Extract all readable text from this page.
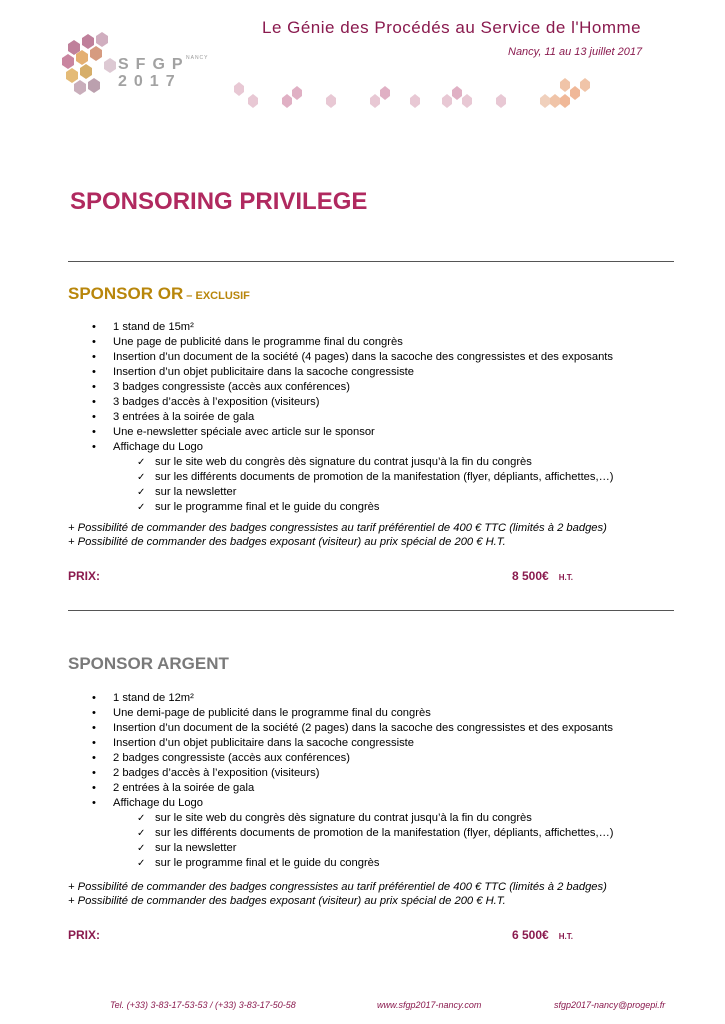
SFGP
2017
NANCY
Le Génie des Procédés au Service de l'Homme
Nancy, 11 au 13 juillet 2017
SPONSORING PRIVILEGE
SPONSOR OR – EXCLUSIF
• 1 stand de 15m²
• Une page de publicité dans le programme final du congrès
• Insertion d’un document de la société (4 pages) dans la sacoche des congressistes et des exposants
• Insertion d’un objet publicitaire dans la sacoche congressiste
• 3 badges congressiste (accès aux conférences)
• 3 badges d’accès à l’exposition (visiteurs)
• 3 entrées à la soirée de gala
• Une e-newsletter spéciale avec article sur le sponsor
• Affichage du Logo
✓ sur le site web du congrès dès signature du contrat jusqu’à la fin du congrès
✓ sur les différents documents de promotion de la manifestation (flyer, dépliants, affichettes,…)
✓ sur la newsletter
✓ sur le programme final et le guide du congrès
+ Possibilité de commander des badges congressistes au tarif préférentiel de 400 € TTC (limités à 2 badges)
+ Possibilité de commander des badges exposant (visiteur) au prix spécial de 200 € H.T.
PRIX:	8 500€ H.T.
SPONSOR ARGENT
• 1 stand de 12m²
• Une demi-page de publicité dans le programme final du congrès
• Insertion d’un document de la société (2 pages) dans la sacoche des congressistes et des exposants
• Insertion d’un objet publicitaire dans la sacoche congressiste
• 2 badges congressiste (accès aux conférences)
• 2 badges d’accès à l’exposition (visiteurs)
• 2 entrées à la soirée de gala
• Affichage du Logo
✓ sur le site web du congrès dès signature du contrat jusqu’à la fin du congrès
✓ sur les différents documents de promotion de la manifestation (flyer, dépliants, affichettes,…)
✓ sur la newsletter
✓ sur le programme final et le guide du congrès
+ Possibilité de commander des badges congressistes au tarif préférentiel de 400 € TTC (limités à 2 badges)
+ Possibilité de commander des badges exposant (visiteur) au prix spécial de 200 € H.T.
PRIX:	6 500€ H.T.
Tel. (+33) 3-83-17-53-53 / (+33) 3-83-17-50-58	www.sfgp2017-nancy.com	sfgp2017-nancy@progepi.fr
